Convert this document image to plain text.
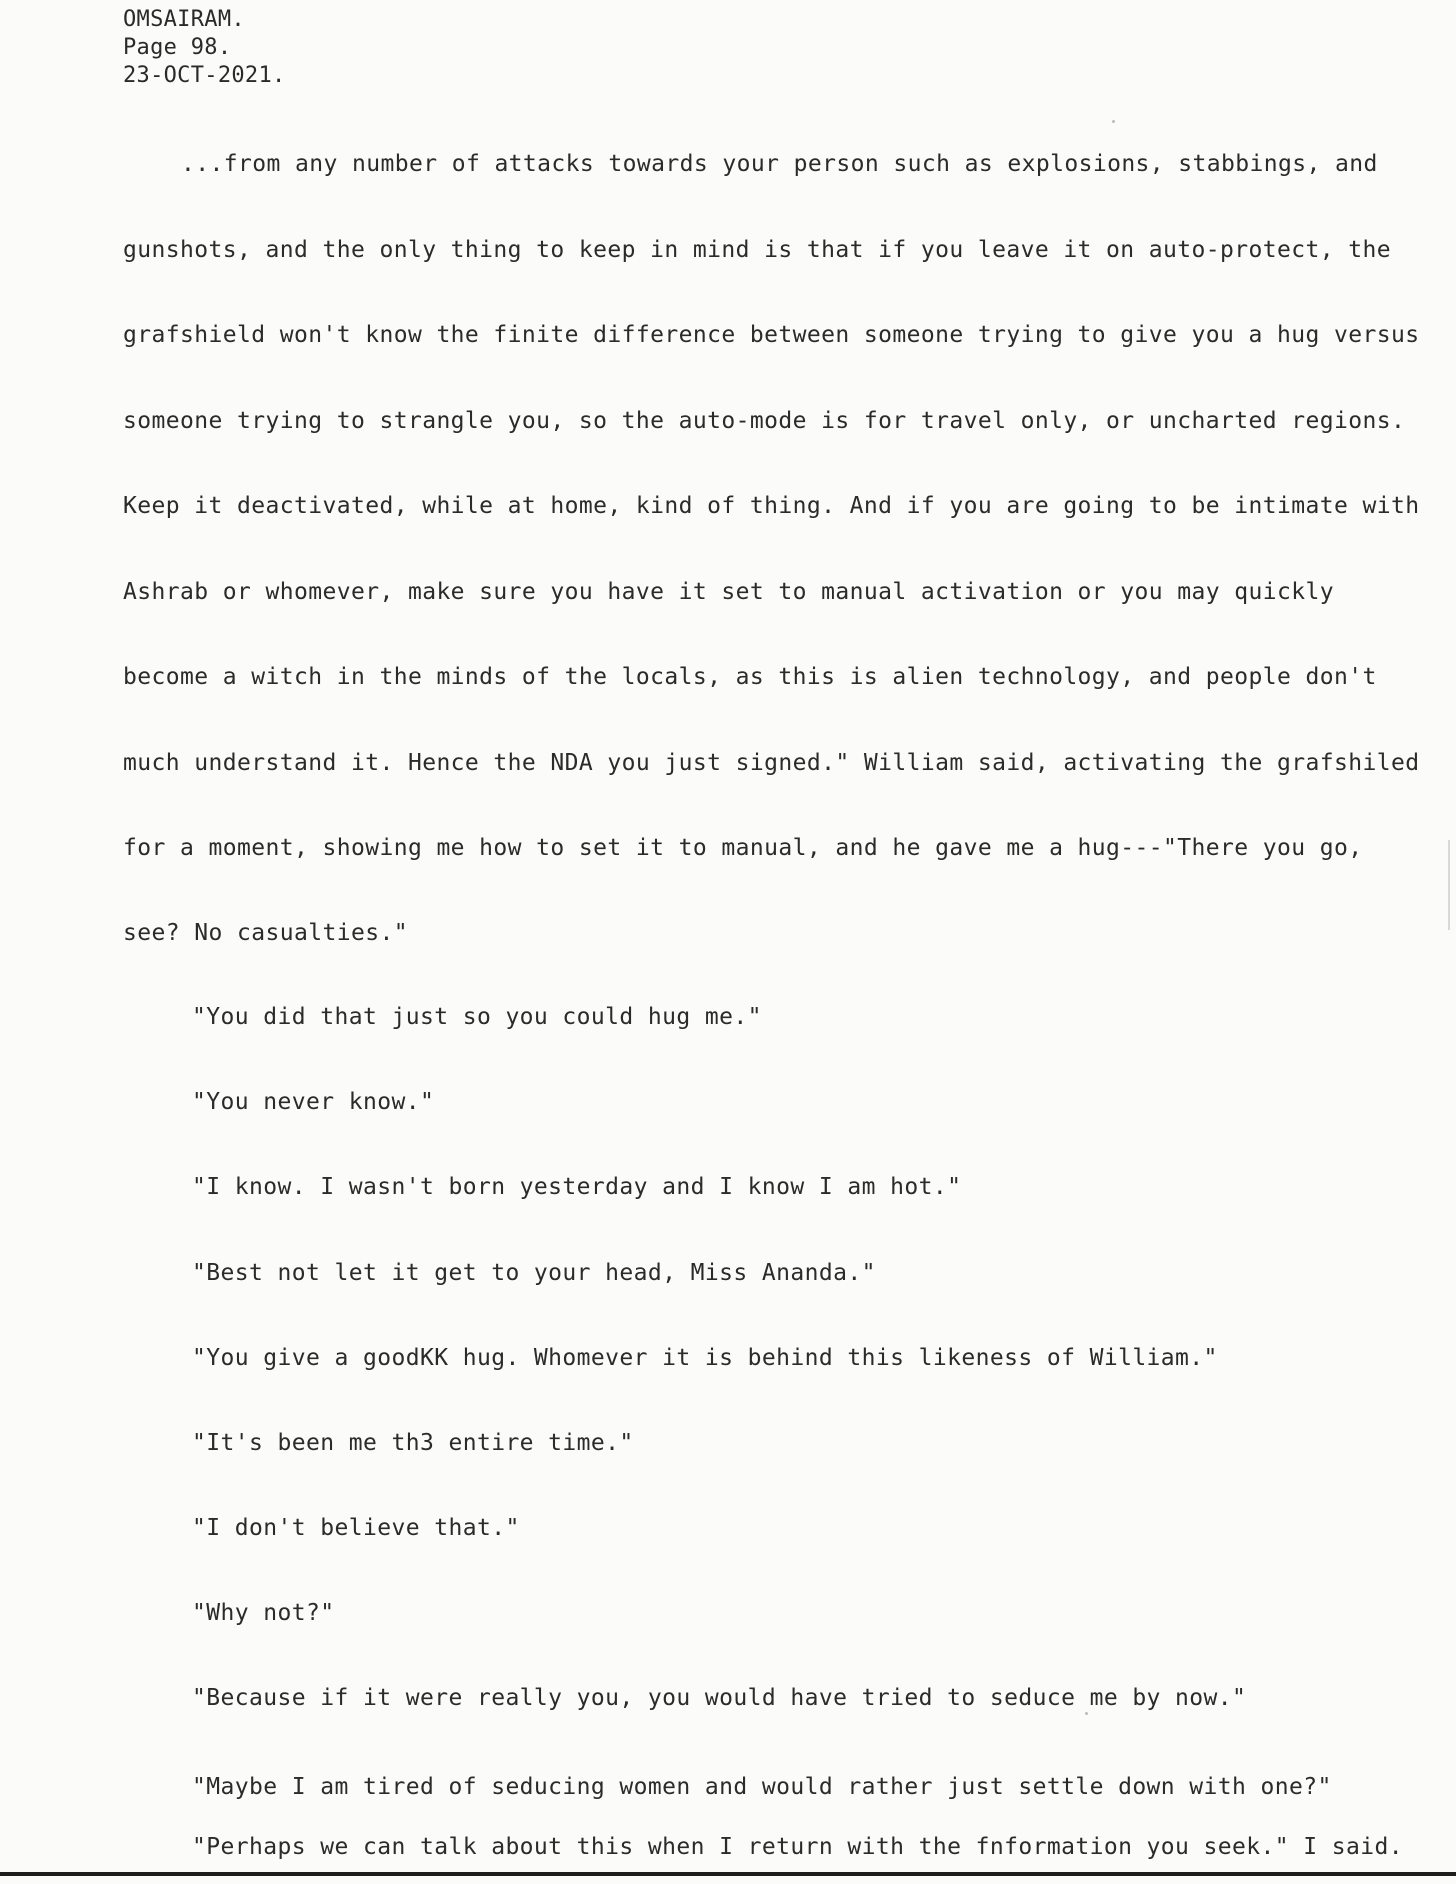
OMSAIRAM.
Page 98.
23-OCT-2021.
...from any number of attacks towards your person such as explosions, stabbings, and
gunshots, and the only thing to keep in mind is that if you leave it on auto-protect, the
grafshield won't know the finite difference between someone trying to give you a hug versus
someone trying to strangle you, so the auto-mode is for travel only, or uncharted regions.
Keep it deactivated, while at home, kind of thing. And if you are going to be intimate with
Ashrab or whomever, make sure you have it set to manual activation or you may quickly
become a witch in the minds of the locals, as this is alien technology, and people don't
much understand it. Hence the NDA you just signed." William said, activating the grafshiled
for a moment, showing me how to set it to manual, and he gave me a hug---"There you go,
see? No casualties."
"You did that just so you could hug me."
"You never know."
"I know. I wasn't born yesterday and I know I am hot."
"Best not let it get to your head, Miss Ananda."
"You give a goodKK hug. Whomever it is behind this likeness of William."
"It's been me th3 entire time."
"I don't believe that."
"Why not?"
"Because if it were really you, you would have tried to seduce me by now."
"Maybe I am tired of seducing women and would rather just settle down with one?"
"Perhaps we can talk about this when I return with the fnformation you seek." I said.
